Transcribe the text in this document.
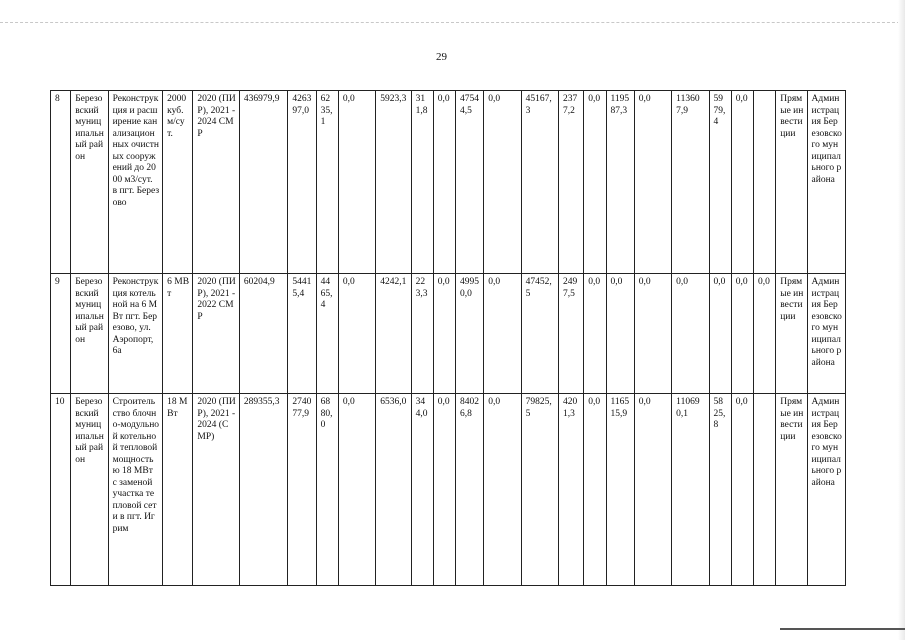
29
8	Березовский муниципальный район	Реконструкция и расширение канализационных очистных сооружений до 2000 м3/сут. в пгт. Березово	2000 куб. м/сут.	2020 (ПИР), 2021 - 2024 СМР	436979,9	426397,0	6235,1	0,0	5923,3	311,8	0,0	47544,5	0,0	45167,3	2377,2	0,0	119587,3	0,0	113607,9	5979,4	0,0		Прямые инвестиции	Администрация Березовского муниципального района
9	Березовский муниципальный район	Реконструкция котельной на 6 МВт пгт. Березово, ул. Аэропорт, 6а	6 МВт	2020 (ПИР), 2021 - 2022 СМР	60204,9	54415,4	4465,4	0,0	4242,1	223,3	0,0	49950,0	0,0	47452,5	2497,5	0,0	0,0	0,0	0,0	0,0	0,0	0,0	Прямые инвестиции	Администрация Березовского муниципального района
10	Березовский муниципальный район	Строительство блочно-модульной котельной тепловой мощностью 18 МВт с заменой участка тепловой сети в пгт. Игрим	18 МВт	2020 (ПИР), 2021 - 2024 (СМР)	289355,3	274077,9	6880,0	0,0	6536,0	344,0	0,0	84026,8	0,0	79825,5	4201,3	0,0	116515,9	0,0	110690,1	5825,8	0,0		Прямые инвестиции	Администрация Березовского муниципального района
